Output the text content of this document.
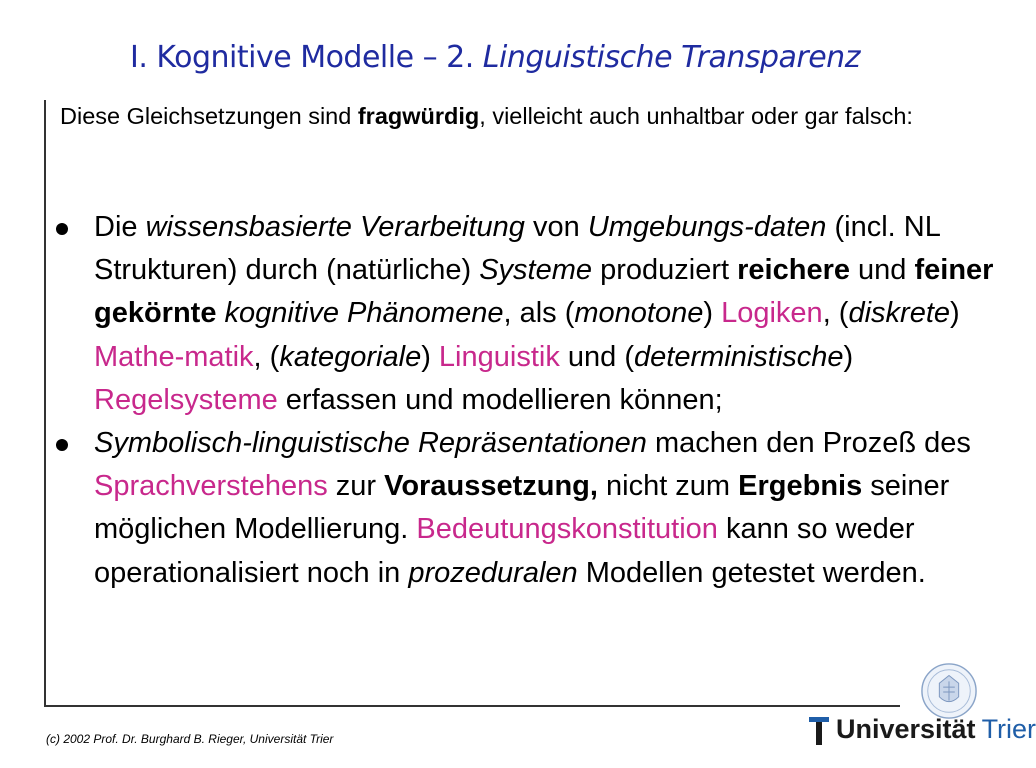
I. Kognitive Modelle – 2. Linguistische Transparenz
Diese Gleichsetzungen sind fragwürdig, vielleicht auch unhaltbar oder gar falsch:
Die wissensbasierte Verarbeitung von Umgebungs-daten (incl. NL Strukturen) durch (natürliche) Systeme produziert reichere und feiner gekörnte kognitive Phänomene, als (monotone) Logiken, (diskrete) Mathe-matik, (kategoriale) Linguistik und (deterministische) Regelsysteme erfassen und modellieren können;
Symbolisch-linguistische Repräsentationen machen den Prozeß des Sprachverstehens zur Voraussetzung, nicht zum Ergebnis seiner möglichen Modellierung. Bedeutungskonstitution kann so weder operationalisiert noch in prozeduralen Modellen getestet werden.
(c) 2002 Prof. Dr. Burghard B. Rieger, Universität Trier	Universität Trier
